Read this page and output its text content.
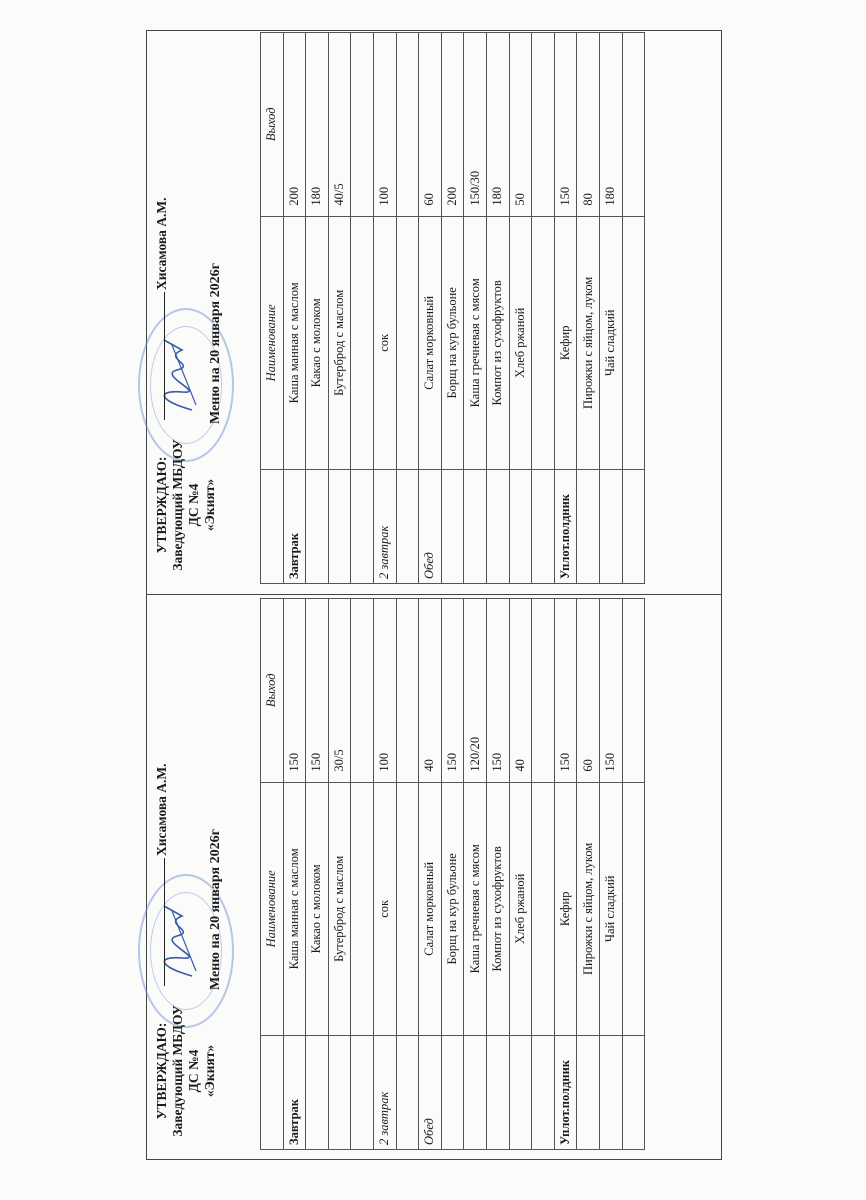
УТВЕРЖДАЮ: Заведующий МБДОУ ДС №4 «Экият»
Хисамова А.М.
Меню на 20 января 2026г
		Наименование	Выход
Завтрак	Каша манная с маслом	150
	Какао с молоком	150
	Бутерброд с маслом	30/5

2 завтрак	сок	100

Обед	Салат морковный	40
	Борщ на кур бульоне	150
	Каша гречневая с мясом	120/20
	Компот из сухофруктов	150
	Хлеб ржаной	40

Уплот.полдник	Кефир	150
	Пирожки с яйцом, луком	60
	Чай сладкий	150

УТВЕРЖДАЮ: Заведующий МБДОУ ДС №4 «Экият»
Хисамова А.М.
Меню на 20 января 2026г
		Наименование	Выход
Завтрак	Каша манная с маслом	200
	Какао с молоком	180
	Бутерброд с маслом	40/5

2 завтрак	сок	100

Обед	Салат морковный	60
	Борщ на кур бульоне	200
	Каша гречневая с мясом	150/30
	Компот из сухофруктов	180
	Хлеб ржаной	50

Уплот.полдник	Кефир	150
	Пирожки с яйцом, луком	80
	Чай сладкий	180
